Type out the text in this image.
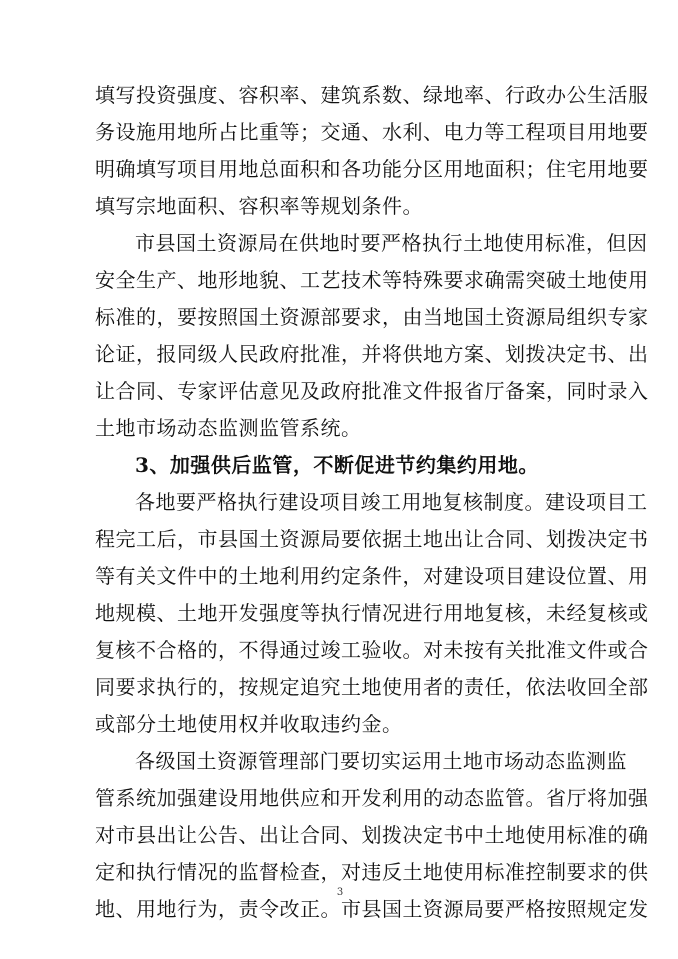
填写投资强度、容积率、建筑系数、绿地率、行政办公生活服
务设施用地所占比重等；交通、水利、电力等工程项目用地要
明确填写项目用地总面积和各功能分区用地面积；住宅用地要
填写宗地面积、容积率等规划条件。
市县国土资源局在供地时要严格执行土地使用标准，但因
安全生产、地形地貌、工艺技术等特殊要求确需突破土地使用
标准的，要按照国土资源部要求，由当地国土资源局组织专家
论证，报同级人民政府批准，并将供地方案、划拨决定书、出
让合同、专家评估意见及政府批准文件报省厅备案，同时录入
土地市场动态监测监管系统。
3、加强供后监管，不断促进节约集约用地。
各地要严格执行建设项目竣工用地复核制度。建设项目工
程完工后，市县国土资源局要依据土地出让合同、划拨决定书
等有关文件中的土地利用约定条件，对建设项目建设位置、用
地规模、土地开发强度等执行情况进行用地复核，未经复核或
复核不合格的，不得通过竣工验收。对未按有关批准文件或合
同要求执行的，按规定追究土地使用者的责任，依法收回全部
或部分土地使用权并收取违约金。
各级国土资源管理部门要切实运用土地市场动态监测监
管系统加强建设用地供应和开发利用的动态监管。省厅将加强
对市县出让公告、出让合同、划拨决定书中土地使用标准的确
定和执行情况的监督检查，对违反土地使用标准控制要求的供
地、用地行为，责令改正。市县国土资源局要严格按照规定发
3
